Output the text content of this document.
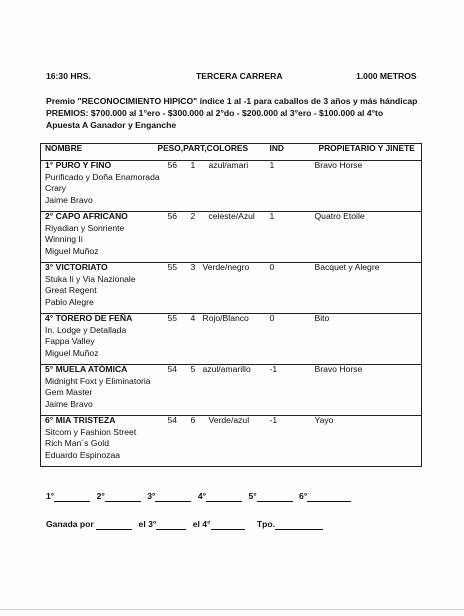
16:30 HRS.	TERCERA CARRERA	1.000 METROS
Premio "RECONOCIMIENTO HIPICO" índice 1 al -1 para caballos de 3 años y más hándicap
PREMIOS: $700.000 al 1°ero - $300.000 al 2°do - $200.000 al 3°ero - $100.000 al 4°to
Apuesta A Ganador y Enganche
NOMBRE	PESO,PART,COLORES	IND	PROPIETARIO Y JINETE

1° PURO Y FINO
Purificado y Doña Enamorada
Crary
Jaime Bravo	56 1 azul/amari	1	Bravo Horse

2° CAPO AFRICANO
Riyadian y Sonriente
Winning Ii
Miguel Muñoz	56 2 celeste/Azul	1	Quatro Etoile

3° VICTORIATO
Stuka Ii y Via Nazionale
Great Regent
Pablo Alegre	55 3 Verde/negro	0	Bacquet y Alegre

4° TORERO DE FEÑA
In. Lodge y Detallada
Fappa Valley
Miguel Muñoz	55 4 Rojo/Blanco	0	Bito

5° MUELA ATÓMICA
Midnight Foxt y Eliminatoria
Gem Master
Jaime Bravo	54 5 azul/amarillo	-1	Bravo Horse

6° MIA TRISTEZA
Sitcom y Fashion Street
Rich Man´s Gold
Eduardo Espinozaa	54 6 Verde/azul	-1	Yayo
1°	2°	3°	4°	5°	6°
Ganada por	el 3°	el 4°	Tpo.
